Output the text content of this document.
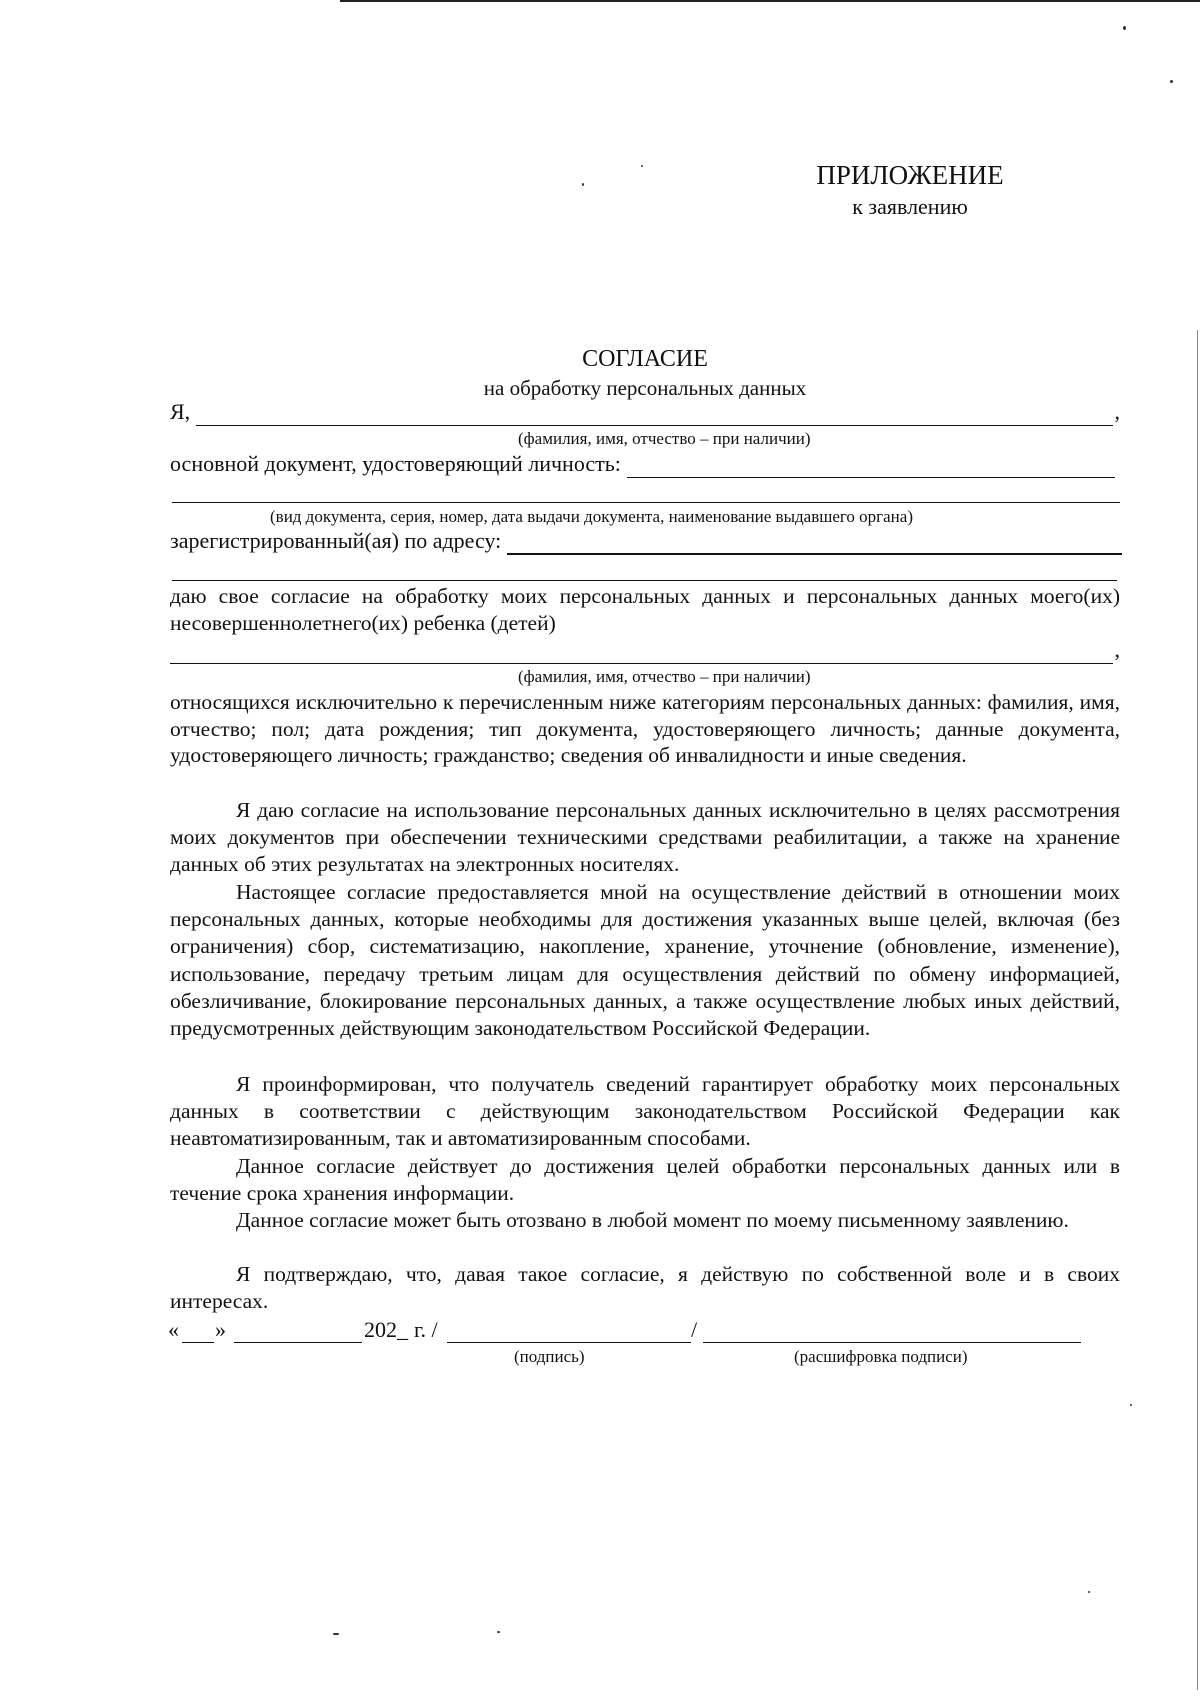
ПРИЛОЖЕНИЕ
к заявлению
СОГЛАСИЕ
на обработку персональных данных
Я,	,
(фамилия, имя, отчество – при наличии)
основной документ, удостоверяющий личность:
(вид документа, серия, номер, дата выдачи документа, наименование выдавшего органа)
зарегистрированный(ая) по адресу:

даю свое согласие на обработку моих персональных данных и персональных данных моего(их) несовершеннолетнего(их) ребенка (детей)

,
(фамилия, имя, отчество – при наличии)

относящихся исключительно к перечисленным ниже категориям персональных данных: фамилия, имя, отчество; пол; дата рождения; тип документа, удостоверяющего личность; данные документа, удостоверяющего личность; гражданство; сведения об инвалидности и иные сведения.

Я даю согласие на использование персональных данных исключительно в целях рассмотрения моих документов при обеспечении техническими средствами реабилитации, а также на хранение данных об этих результатах на электронных носителях.

Настоящее согласие предоставляется мной на осуществление действий в отношении моих персональных данных, которые необходимы для достижения указанных выше целей, включая (без ограничения) сбор, систематизацию, накопление, хранение, уточнение (обновление, изменение), использование, передачу третьим лицам для осуществления действий по обмену информацией, обезличивание, блокирование персональных данных, а также осуществление любых иных действий, предусмотренных действующим законодательством Российской Федерации.

Я проинформирован, что получатель сведений гарантирует обработку моих персональных данных в соответствии с действующим законодательством Российской Федерации как неавтоматизированным, так и автоматизированным способами.

Данное согласие действует до достижения целей обработки персональных данных или в течение срока хранения информации.

Данное согласие может быть отозвано в любой момент по моему письменному заявлению.

Я подтверждаю, что, давая такое согласие, я действую по собственной воле и в своих интересах.

« »	202_ г. /	/
(подпись)	(расшифровка подписи)
